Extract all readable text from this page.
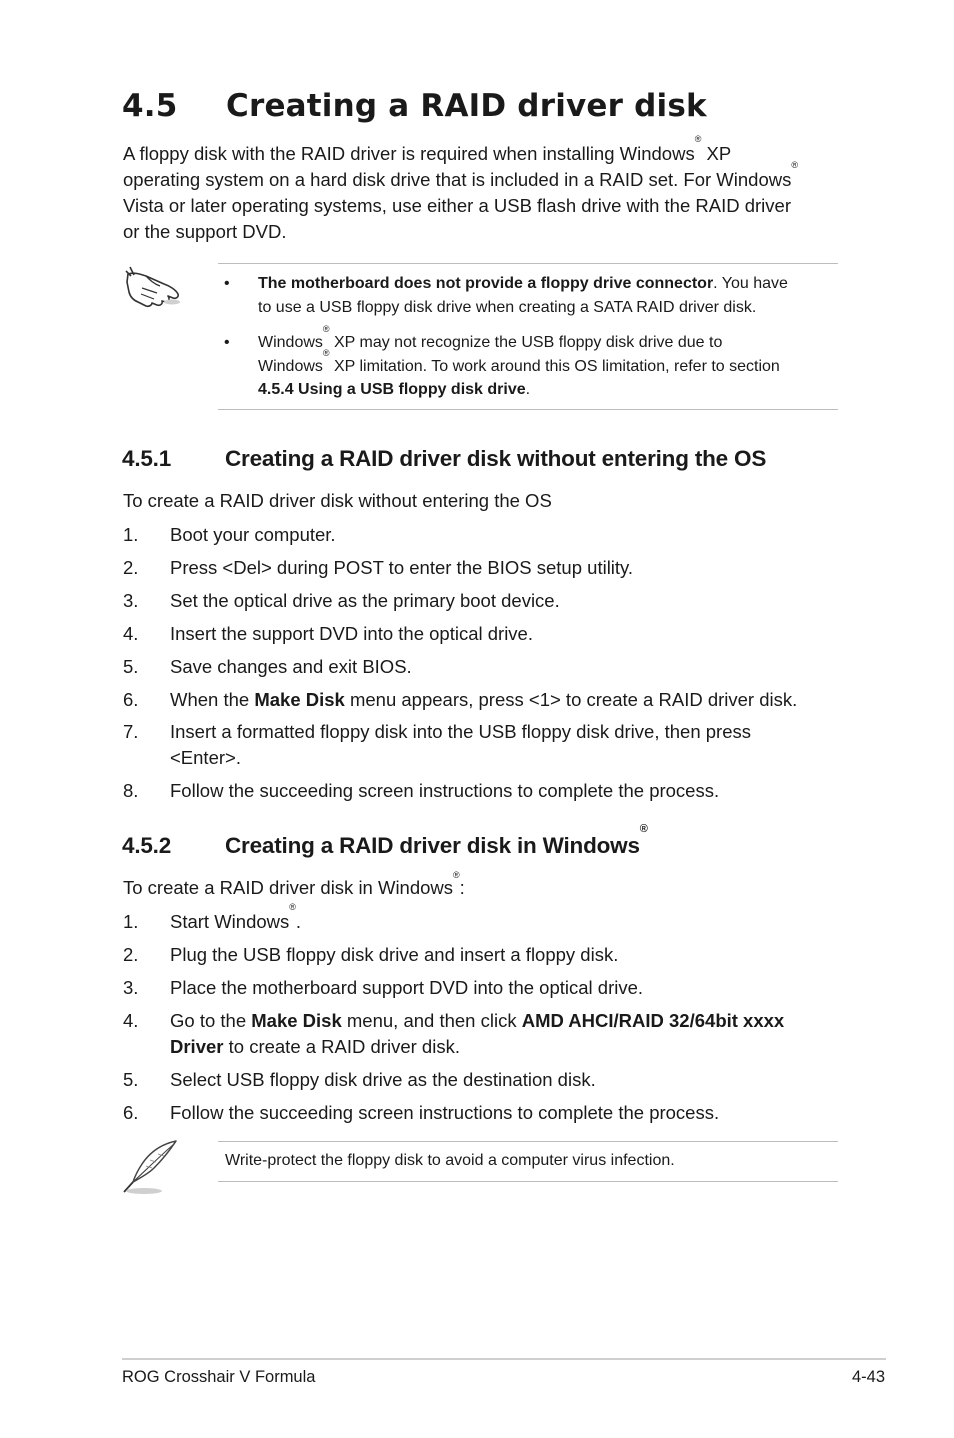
4.5 Creating a RAID driver disk
A floppy disk with the RAID driver is required when installing Windows® XP
operating system on a hard disk drive that is included in a RAID set. For Windows®
Vista or later operating systems, use either a USB flash drive with the RAID driver
or the support DVD.
• The motherboard does not provide a floppy drive connector. You have
to use a USB floppy disk drive when creating a SATA RAID driver disk.
• Windows® XP may not recognize the USB floppy disk drive due to
Windows® XP limitation. To work around this OS limitation, refer to section
4.5.4 Using a USB floppy disk drive.
4.5.1 Creating a RAID driver disk without entering the OS
To create a RAID driver disk without entering the OS
1. Boot your computer.
2. Press <Del> during POST to enter the BIOS setup utility.
3. Set the optical drive as the primary boot device.
4. Insert the support DVD into the optical drive.
5. Save changes and exit BIOS.
6. When the Make Disk menu appears, press <1> to create a RAID driver disk.
7. Insert a formatted floppy disk into the USB floppy disk drive, then press
<Enter>.
8. Follow the succeeding screen instructions to complete the process.
4.5.2 Creating a RAID driver disk in Windows®
To create a RAID driver disk in Windows®:
1. Start Windows®.
2. Plug the USB floppy disk drive and insert a floppy disk.
3. Place the motherboard support DVD into the optical drive.
4. Go to the Make Disk menu, and then click AMD AHCI/RAID 32/64bit xxxx
Driver to create a RAID driver disk.
5. Select USB floppy disk drive as the destination disk.
6. Follow the succeeding screen instructions to complete the process.
Write-protect the floppy disk to avoid a computer virus infection.
ROG Crosshair V Formula	4-43
